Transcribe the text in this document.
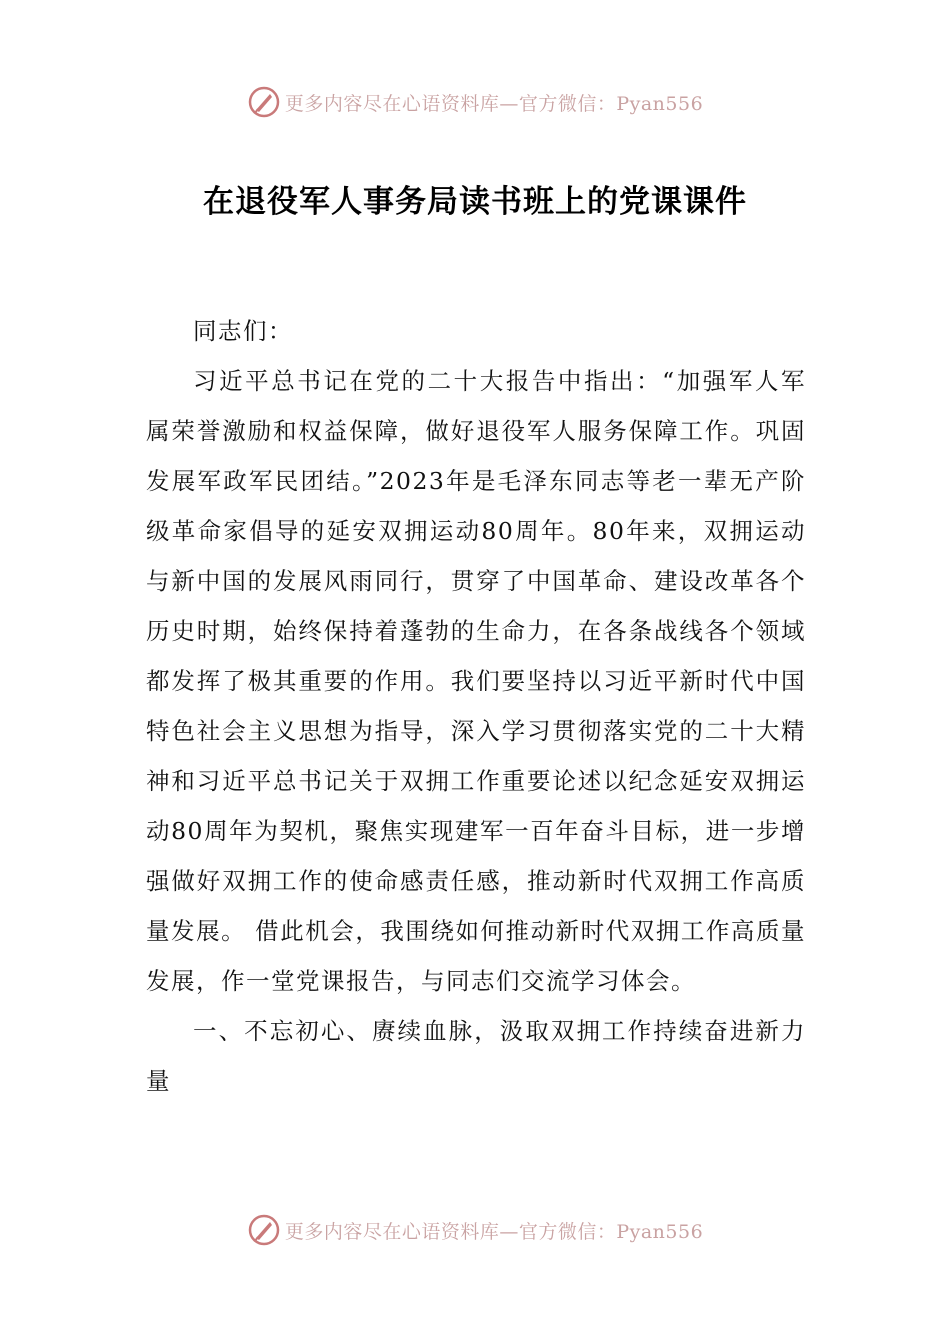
更多内容尽在心语资料库—官方微信：Pyan556
在退役军人事务局读书班上的党课课件

同志们：

习近平总书记在党的二十大报告中指出：“加强军人军属荣誉激励和权益保障，做好退役军人服务保障工作。巩固发展军政军民团结。”2023年是毛泽东同志等老一辈无产阶级革命家倡导的延安双拥运动80周年。80年来，双拥运动与新中国的发展风雨同行，贯穿了中国革命、建设改革各个历史时期，始终保持着蓬勃的生命力，在各条战线各个领域都发挥了极其重要的作用。我们要坚持以习近平新时代中国特色社会主义思想为指导，深入学习贯彻落实党的二十大精神和习近平总书记关于双拥工作重要论述以纪念延安双拥运动80周年为契机，聚焦实现建军一百年奋斗目标，进一步增强做好双拥工作的使命感责任感，推动新时代双拥工作高质量发展。 借此机会，我围绕如何推动新时代双拥工作高质量发展，作一堂党课报告，与同志们交流学习体会。

一、不忘初心、赓续血脉，汲取双拥工作持续奋进新力量

更多内容尽在心语资料库—官方微信：Pyan556
